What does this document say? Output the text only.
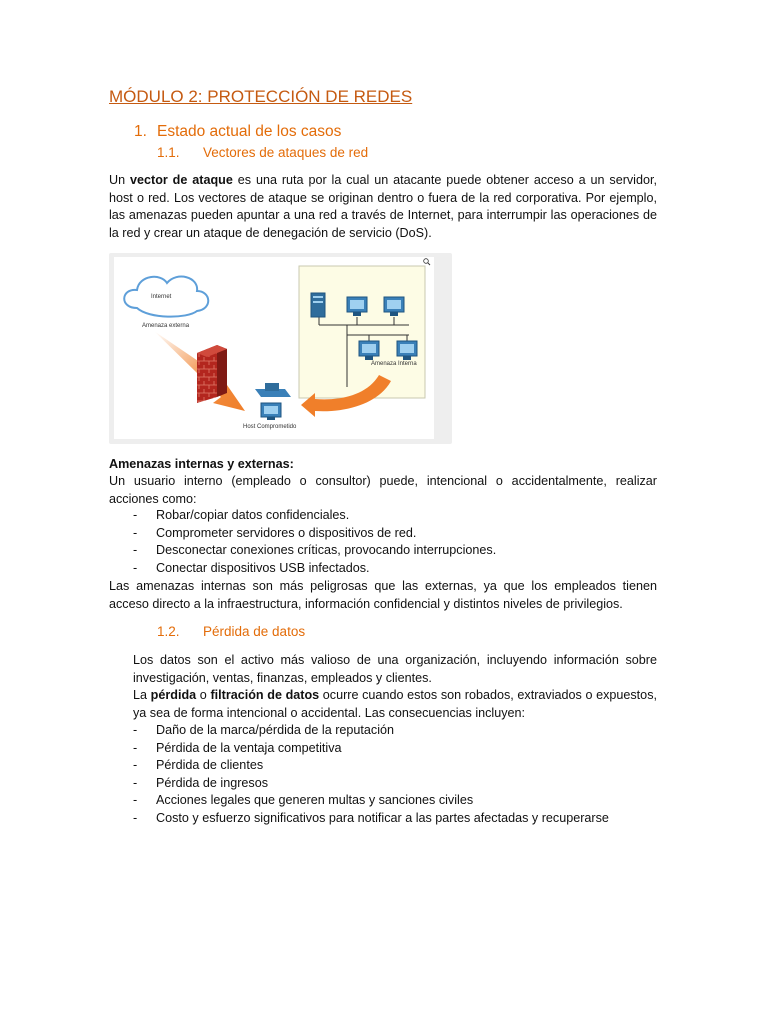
MÓDULO 2: PROTECCIÓN DE REDES
1. Estado actual de los casos
1.1. Vectores de ataques de red
Un vector de ataque es una ruta por la cual un atacante puede obtener acceso a un servidor, host o red. Los vectores de ataque se originan dentro o fuera de la red corporativa. Por ejemplo, las amenazas pueden apuntar a una red a través de Internet, para interrumpir las operaciones de la red y crear un ataque de denegación de servicio (DoS).
Internet
Amenaza externa
Host Comprometido
Amenaza Interna
Amenazas internas y externas:
Un usuario interno (empleado o consultor) puede, intencional o accidentalmente, realizar acciones como:
- Robar/copiar datos confidenciales.
- Comprometer servidores o dispositivos de red.
- Desconectar conexiones críticas, provocando interrupciones.
- Conectar dispositivos USB infectados.
Las amenazas internas son más peligrosas que las externas, ya que los empleados tienen acceso directo a la infraestructura, información confidencial y distintos niveles de privilegios.
1.2. Pérdida de datos
Los datos son el activo más valioso de una organización, incluyendo información sobre investigación, ventas, finanzas, empleados y clientes.
La pérdida o filtración de datos ocurre cuando estos son robados, extraviados o expuestos, ya sea de forma intencional o accidental. Las consecuencias incluyen:
- Daño de la marca/pérdida de la reputación
- Pérdida de la ventaja competitiva
- Pérdida de clientes
- Pérdida de ingresos
- Acciones legales que generen multas y sanciones civiles
- Costo y esfuerzo significativos para notificar a las partes afectadas y recuperarse
